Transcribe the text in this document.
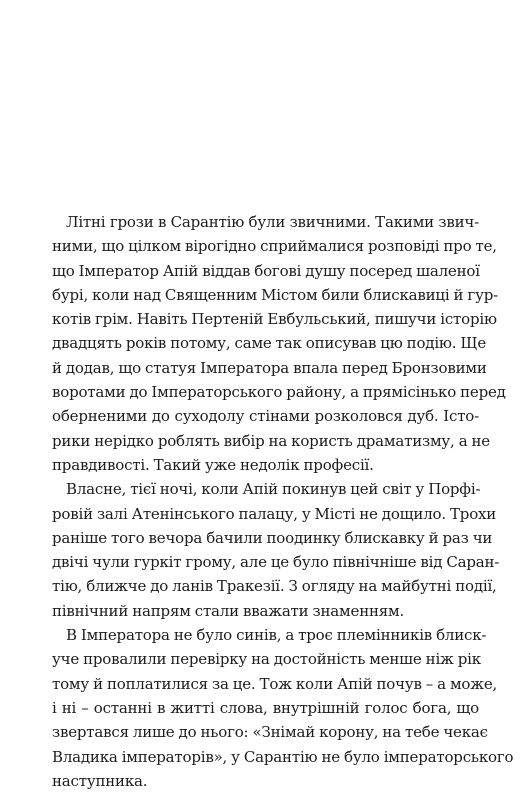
Літні грози в Сарантію були звичними. Такими звич-
ними, що цілком вірогідно сприймалися розповіді про те,
що Імператор Апій віддав богові душу посеред шаленої
бурі, коли над Священним Містом били блискавиці й гур-
котів грім. Навіть Пертеній Евбульський, пишучи історію
двадцять років потому, саме так описував цю подію. Ще
й додав, що статуя Імператора впала перед Бронзовими
воротами до Імператорського району, а прямісінько перед
оберненими до суходолу стінами розколовся дуб. Істо-
рики нерідко роблять вибір на користь драматизму, а не
правдивості. Такий уже недолік професії.
Власне, тієї ночі, коли Апій покинув цей світ у Порфі-
ровій залі Атенінського палацу, у Місті не дощило. Трохи
раніше того вечора бачили поодинку блискавку й раз чи
двічі чули гуркіт грому, але це було північніше від Саран-
тію, ближче до ланів Тракезії. З огляду на майбутні події,
північний напрям стали вважати знаменням.
В Імператора не було синів, а троє племінників блиск-
уче провалили перевірку на достойність менше ніж рік
тому й поплатилися за це. Тож коли Апій почув – а може,
і ні – останні в житті слова, внутрішній голос бога, що
звертався лише до нього: «Знімай корону, на тебе чекає
Владика імператорів», у Сарантію не було імператорського
наступника.
